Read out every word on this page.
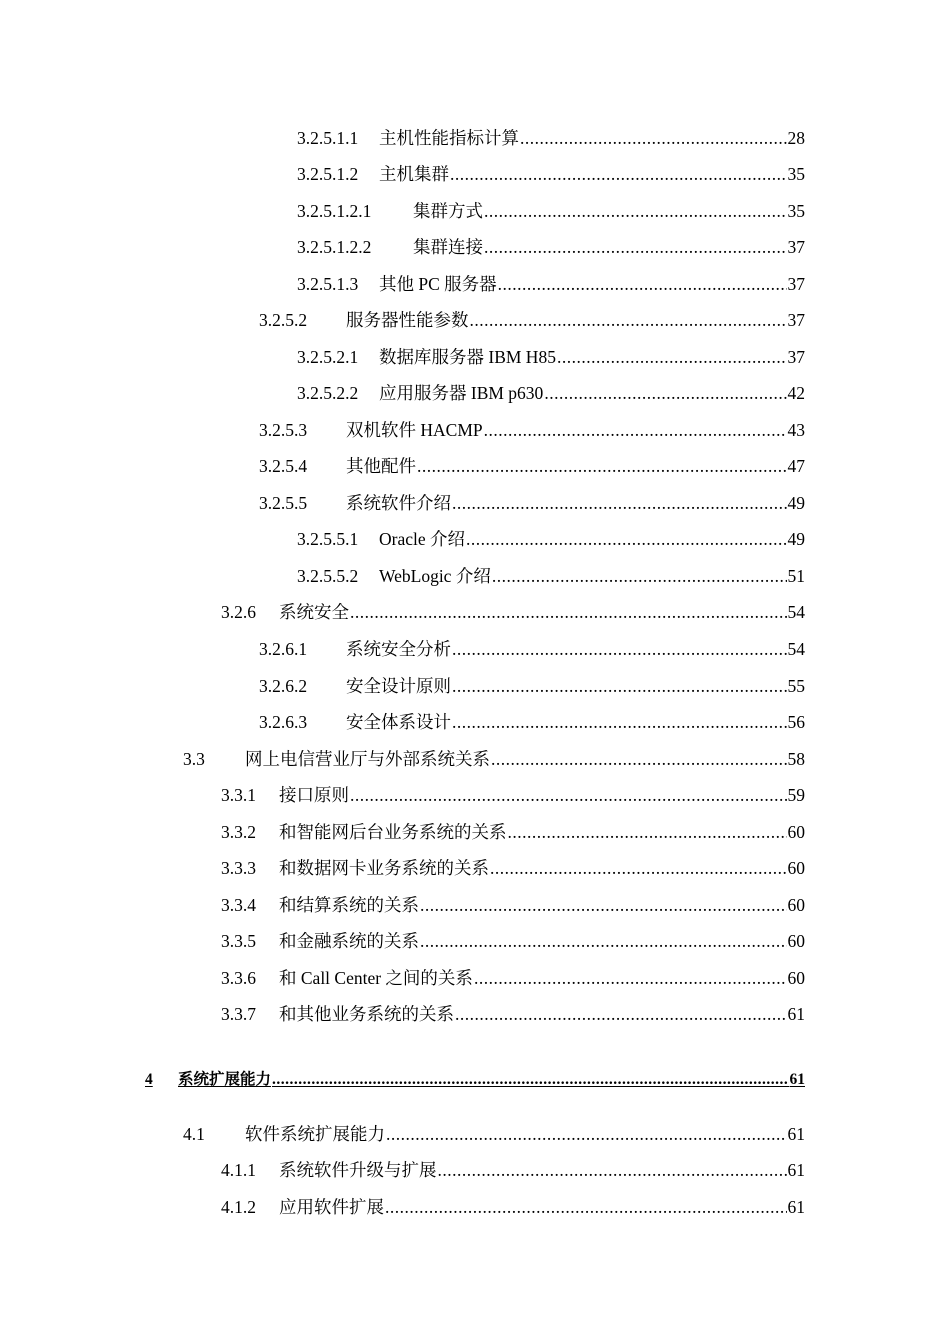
3.2.5.1.1	主机性能指标计算 .....	28
3.2.5.1.2	主机集群 .....	35
3.2.5.1.2.1	集群方式 .....	35
3.2.5.1.2.2	集群连接 .....	37
3.2.5.1.3	其他 PC 服务器 .....	37
3.2.5.2	服务器性能参数 .....	37
3.2.5.2.1	数据库服务器 IBM H85 .....	37
3.2.5.2.2	应用服务器 IBM p630 .....	42
3.2.5.3	双机软件 HACMP .....	43
3.2.5.4	其他配件 .....	47
3.2.5.5	系统软件介绍 .....	49
3.2.5.5.1	Oracle 介绍 .....	49
3.2.5.5.2	WebLogic 介绍 .....	51
3.2.6	系统安全 .....	54
3.2.6.1	系统安全分析 .....	54
3.2.6.2	安全设计原则 .....	55
3.2.6.3	安全体系设计 .....	56
3.3	网上电信营业厅与外部系统关系 .....	58
3.3.1	接口原则 .....	59
3.3.2	和智能网后台业务系统的关系 .....	60
3.3.3	和数据网卡业务系统的关系 .....	60
3.3.4	和结算系统的关系 .....	60
3.3.5	和金融系统的关系 .....	60
3.3.6	和 Call Center 之间的关系 .....	60
3.3.7	和其他业务系统的关系 .....	61
4	系统扩展能力 .....	61
4.1	软件系统扩展能力 .....	61
4.1.1	系统软件升级与扩展 .....	61
4.1.2	应用软件扩展 .....	61
